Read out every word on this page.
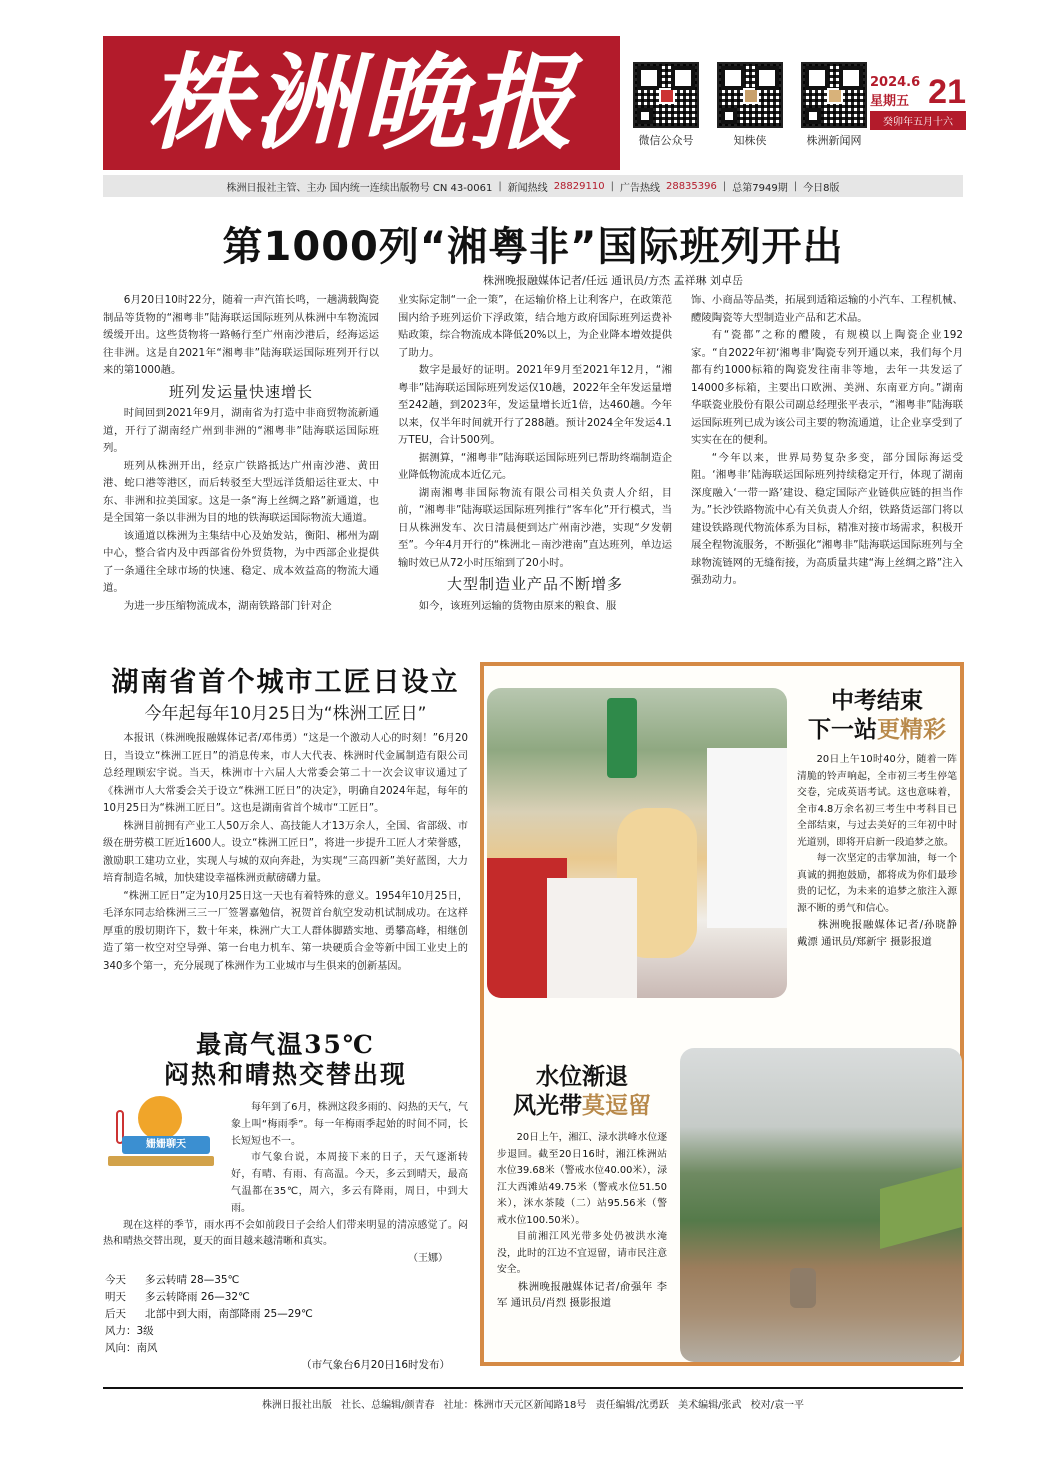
株洲晚报	微信公众号	知株侠	株洲新闻网
2024.6
星期五 21
癸卯年五月十六
株洲日报社主管、主办 国内统一连续出版物号 CN 43-0061 | 新闻热线 28829110 | 广告热线 28835396 | 总第7949期 | 今日8版
第1000列“湘粤非”国际班列开出
株洲晚报融媒体记者/任远 通讯员/方杰 孟祥琳 刘卓岳

6月20日10时22分，随着一声汽笛长鸣，一趟满载陶瓷制品等货物的“湘粤非”陆海联运国际班列从株洲中车物流园缓缓开出。这些货物将一路畅行至广州南沙港后，经海运运往非洲。这是自2021年“湘粤非”陆海联运国际班列开行以来的第1000趟。

班列发运量快速增长

时间回到2021年9月，湖南省为打造中非商贸物流新通道，开行了湖南经广州到非洲的“湘粤非”陆海联运国际班列。

班列从株洲开出，经京广铁路抵达广州南沙港、黄田港、蛇口港等港区，而后转驳至大型远洋货船运往亚太、中东、非洲和拉美国家。这是一条“海上丝绸之路”新通道，也是全国第一条以非洲为目的地的铁海联运国际物流大通道。

该通道以株洲为主集结中心及始发站，衡阳、郴州为副中心，整合省内及中西部省份外贸货物，为中西部企业提供了一条通往全球市场的快速、稳定、成本效益高的物流大通道。

为进一步压缩物流成本，湖南铁路部门针对企

业实际定制“一企一策”，在运输价格上让利客户，在政策范围内给予班列运价下浮政策，结合地方政府国际班列运费补贴政策，综合物流成本降低20%以上，为企业降本增效提供了助力。

数字是最好的证明。2021年9月至2021年12月，“湘粤非”陆海联运国际班列发运仅10趟，2022年全年发运量增至242趟，到2023年，发运量增长近1倍，达460趟。今年以来，仅半年时间就开行了288趟。预计2024全年发运4.1万TEU，合计500列。

据测算，“湘粤非”陆海联运国际班列已帮助终端制造企业降低物流成本近亿元。

湖南湘粤非国际物流有限公司相关负责人介绍，目前，“湘粤非”陆海联运国际班列推行“客车化”开行模式，当日从株洲发车、次日清晨便到达广州南沙港，实现“夕发朝至”。今年4月开行的“株洲北－南沙港南”直达班列，单边运输时效已从72小时压缩到了20小时。

大型制造业产品不断增多

如今，该班列运输的货物由原来的粮食、服

饰、小商品等品类，拓展到适箱运输的小汽车、工程机械、醴陵陶瓷等大型制造业产品和艺术品。

有“瓷都”之称的醴陵，有规模以上陶瓷企业192家。“自2022年初‘湘粤非’陶瓷专列开通以来，我们每个月都有约1000标箱的陶瓷发往南非等地，去年一共发运了14000多标箱，主要出口欧洲、美洲、东南亚方向。”湖南华联瓷业股份有限公司副总经理张平表示，“湘粤非”陆海联运国际班列已成为该公司主要的物流通道，让企业享受到了实实在在的便利。

“今年以来，世界局势复杂多变，部分国际海运受阻。‘湘粤非’陆海联运国际班列持续稳定开行，体现了湖南深度融入‘一带一路’建设、稳定国际产业链供应链的担当作为。”长沙铁路物流中心有关负责人介绍，铁路货运部门将以建设铁路现代物流体系为目标，精准对接市场需求，积极开展全程物流服务，不断强化“湘粤非”陆海联运国际班列与全球物流链网的无缝衔接，为高质量共建“海上丝绸之路”注入强劲动力。

湖南省首个城市工匠日设立
今年起每年10月25日为“株洲工匠日”

本报讯（株洲晚报融媒体记者/邓伟勇）“这是一个激动人心的时刻！”6月20日，当设立“株洲工匠日”的消息传来，市人大代表、株洲时代金属制造有限公司总经理顾宏宇说。当天，株洲市十六届人大常委会第二十一次会议审议通过了《株洲市人大常委会关于设立“株洲工匠日”的决定》，明确自2024年起，每年的10月25日为“株洲工匠日”。这也是湖南省首个城市“工匠日”。

株洲目前拥有产业工人50万余人、高技能人才13万余人，全国、省部级、市级在册劳模工匠近1600人。设立“株洲工匠日”，将进一步提升工匠人才荣誉感，激励职工建功立业，实现人与城的双向奔赴，为实现“三高四新”美好蓝图，大力培育制造名城，加快建设幸福株洲贡献磅礴力量。

“株洲工匠日”定为10月25日这一天也有着特殊的意义。1954年10月25日，毛泽东同志给株洲三三一厂签署嘉勉信，祝贺首台航空发动机试制成功。在这样厚重的殷切期许下，数十年来，株洲广大工人群体脚踏实地、勇攀高峰，相继创造了第一枚空对空导弹、第一台电力机车、第一块硬质合金等新中国工业史上的340多个第一，充分展现了株洲作为工业城市与生俱来的创新基因。

中考结束
下一站更精彩

20日上午10时40分，随着一阵清脆的铃声响起，全市初三考生停笔交卷，完成英语考试。这也意味着，全市4.8万余名初三考生中考科目已全部结束，与过去美好的三年初中时光道别，即将开启新一段追梦之旅。

每一次坚定的击掌加油，每一个真诚的拥抱鼓励，都将成为你们最珍贵的记忆，为未来的追梦之旅注入源源不断的勇气和信心。

株洲晚报融媒体记者/孙晓静 戴漂 通讯员/郑新宇 摄影报道

水位渐退
风光带莫逗留

20日上午，湘江、渌水洪峰水位逐步退回。截至20日16时，湘江株洲站水位39.68米（警戒水位40.00米），渌江大西滩站49.75米（警戒水位51.50米），洣水茶陵（二）站95.56米（警戒水位100.50米）。

目前湘江风光带多处仍被洪水淹没，此时的江边不宜逗留，请市民注意安全。

株洲晚报融媒体记者/俞强年 李军 通讯员/肖烈 摄影报道

最高气温35℃
闷热和晴热交替出现
姗姗聊天

每年到了6月，株洲这段多雨的、闷热的天气，气象上叫“梅雨季”。每一年梅雨季起始的时间不同，长长短短也不一。

市气象台说，本周接下来的日子，天气逐渐转好，有晴、有雨、有高温。今天，多云到晴天，最高气温都在35℃，周六，多云有降雨，周日，中到大雨。

现在这样的季节，雨水再不会如前段日子会给人们带来明显的清凉感觉了。闷热和晴热交替出现，夏天的面目越来越清晰和真实。

（王娜）
今天 多云转晴 28—35℃
明天 多云转降雨 26—32℃
后天 北部中到大雨，南部降雨 25—29℃
风力：3级
风向：南风
（市气象台6月20日16时发布）
株洲日报社出版 社长、总编辑/颜青春 社址：株洲市天元区新闻路18号 责任编辑/沈勇跃 美术编辑/张武 校对/袁一平
